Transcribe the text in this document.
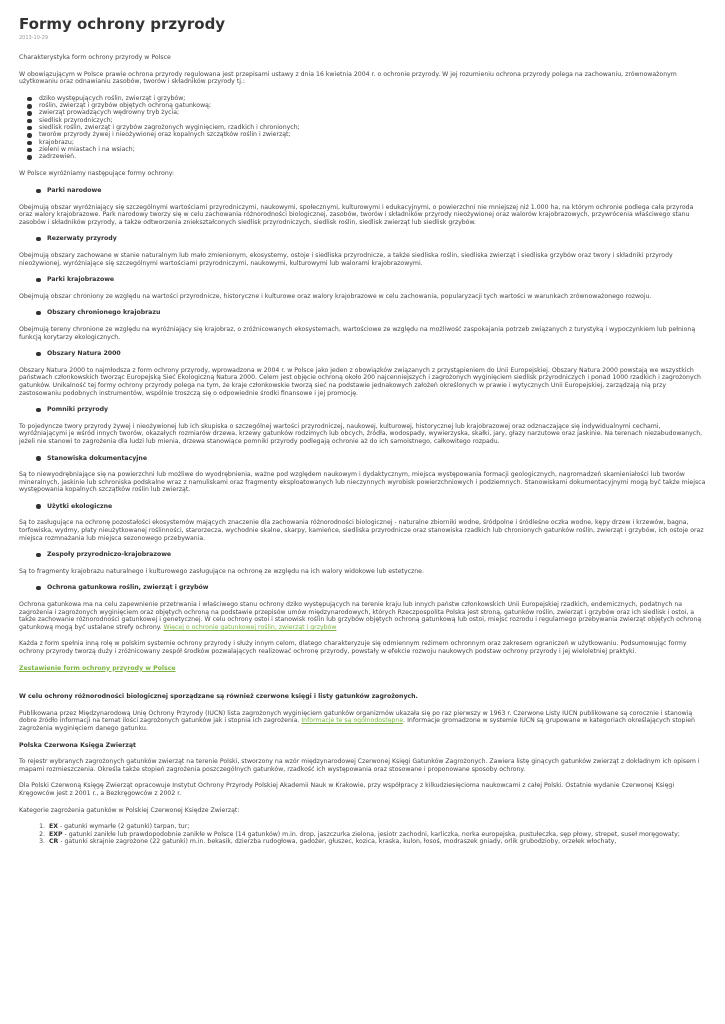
Formy ochrony przyrody
2013-10-29

Charakterystyka form ochrony przyrody w Polsce

W obowiązującym w Polsce prawie ochrona przyrody regulowana jest przepisami ustawy z dnia 16 kwietnia 2004 r. o ochronie przyrody. W jej rozumieniu ochrona przyrody polega na zachowaniu, zrównoważonym użytkowaniu oraz odnawianiu zasobów, tworów i składników przyrody tj.:

dziko występujących roślin, zwierząt i grzybów;
roślin, zwierząt i grzybów objętych ochroną gatunkową;
zwierząt prowadzących wędrowny tryb życia;
siedlisk przyrodniczych;
siedlisk roślin, zwierząt i grzybów zagrożonych wyginięciem, rzadkich i chronionych;
tworów przyrody żywej i nieożywionej oraz kopalnych szczątków roślin i zwierząt;
krajobrazu;
zieleni w miastach i na wsiach;
zadrzewień.

W Polsce wyróżniamy następujące formy ochrony:

Parki narodowe

Obejmują obszar wyróżniający się szczególnymi wartościami przyrodniczymi, naukowymi, społecznymi, kulturowymi i edukacyjnymi, o powierzchni nie mniejszej niż 1.000 ha, na którym ochronie podlega cała przyroda oraz walory krajobrazowe. Park narodowy tworzy się w celu zachowania różnorodności biologicznej, zasobów, tworów i składników przyrody nieożywionej oraz walorów krajobrazowych, przywrócenia właściwego stanu zasobów i składników przyrody, a także odtworzenia zniekształconych siedlisk przyrodniczych, siedlisk roślin, siedlisk zwierząt lub siedlisk grzybów.

Rezerwaty przyrody

Obejmują obszary zachowane w stanie naturalnym lub mało zmienionym, ekosystemy, ostoje i siedliska przyrodnicze, a także siedliska roślin, siedliska zwierząt i siedliska grzybów oraz twory i składniki przyrody nieożywionej, wyróżniające się szczególnymi wartościami przyrodniczymi, naukowymi, kulturowymi lub walorami krajobrazowymi.

Parki krajobrazowe

Obejmują obszar chroniony ze względu na wartości przyrodnicze, historyczne i kulturowe oraz walory krajobrazowe w celu zachowania, popularyzacji tych wartości w warunkach zrównoważonego rozwoju.

Obszary chronionego krajobrazu

Obejmują tereny chronione ze względu na wyróżniający się krajobraz, o zróżnicowanych ekosystemach, wartościowe ze względu na możliwość zaspokajania potrzeb związanych z turystyką i wypoczynkiem lub pełnioną funkcją korytarzy ekologicznych.

Obszary Natura 2000

Obszary Natura 2000 to najmłodsza z form ochrony przyrody, wprowadzona w 2004 r. w Polsce jako jeden z obowiązków związanych z przystąpieniem do Unii Europejskiej. Obszary Natura 2000 powstają we wszystkich państwach członkowskich tworząc Europejską Sieć Ekologiczną Natura 2000. Celem jest objęcie ochroną około 200 najcenniejszych i zagrożonych wyginięciem siedlisk przyrodniczych i ponad 1000 rzadkich i zagrożonych gatunków. Unikalność tej formy ochrony przyrody polega na tym, że kraje członkowskie tworzą sieć na podstawie jednakowych założeń określonych w prawie i wytycznych Unii Europejskiej, zarządzają nią przy zastosowaniu podobnych instrumentów, wspólnie troszczą się o odpowiednie środki finansowe i jej promocję.

Pomniki przyrody

To pojedyncze twory przyrody żywej i nieożywionej lub ich skupiska o szczególnej wartości przyrodniczej, naukowej, kulturowej, historycznej lub krajobrazowej oraz odznaczające się indywidualnymi cechami, wyróżniającymi je wśród innych tworów, okazałych rozmiarów drzewa, krzewy gatunków rodzimych lub obcych, źródła, wodospady, wywierzyska, skałki, jary, głazy narzutowe oraz jaskinie. Na terenach niezabudowanych, jeżeli nie stanowi to zagrożenia dla ludzi lub mienia, drzewa stanowiące pomniki przyrody podlegają ochronie aż do ich samoistnego, całkowitego rozpadu.

Stanowiska dokumentacyjne

Są to niewyodrębniające się na powierzchni lub możliwe do wyodrębnienia, ważne pod względem naukowym i dydaktycznym, miejsca występowania formacji geologicznych, nagromadzeń skamieniałości lub tworów mineralnych, jaskinie lub schroniska podskalne wraz z namuliskami oraz fragmenty eksploatowanych lub nieczynnych wyrobisk powierzchniowych i podziemnych. Stanowiskami dokumentacyjnymi mogą być także miejsca występowania kopalnych szczątków roślin lub zwierząt.

Użytki ekologiczne

Są to zasługujące na ochronę pozostałości ekosystemów mających znaczenie dla zachowania różnorodności biologicznej - naturalne zbiorniki wodne, śródpolne i śródleśne oczka wodne, kępy drzew i krzewów, bagna, torfowiska, wydmy, płaty nieużytkowanej roślinności, starorzecza, wychodnie skalne, skarpy, kamieńce, siedliska przyrodnicze oraz stanowiska rzadkich lub chronionych gatunków roślin, zwierząt i grzybów, ich ostoje oraz miejsca rozmnażania lub miejsca sezonowego przebywania.

Zespoły przyrodniczo-krajobrazowe

Są to fragmenty krajobrazu naturalnego i kulturowego zasługujące na ochronę ze względu na ich walory widokowe lub estetyczne.

Ochrona gatunkowa roślin, zwierząt i grzybów

Ochrona gatunkowa ma na celu zapewnienie przetrwania i właściwego stanu ochrony dziko występujących na terenie kraju lub innych państw członkowskich Unii Europejskiej rzadkich, endemicznych, podatnych na zagrożenia i zagrożonych wyginięciem oraz objętych ochroną na podstawie przepisów umów międzynarodowych, których Rzeczpospolita Polska jest stroną, gatunków roślin, zwierząt i grzybów oraz ich siedlisk i ostoi, a także zachowanie różnorodności gatunkowej i genetycznej. W celu ochrony ostoi i stanowisk roślin lub grzybów objętych ochroną gatunkową lub ostoi, miejsc rozrodu i regularnego przebywania zwierząt objętych ochroną gatunkową mogą być ustalane strefy ochrony. Więcej o ochronie gatunkowej roślin, zwierząt i grzybów

Każda z form spełnia inną rolę w polskim systemie ochrony przyrody i służy innym celom, dlatego charakteryzuje się odmiennym reżimem ochronnym oraz zakresem ograniczeń w użytkowaniu. Podsumowując formy ochrony przyrody tworzą duży i zróżnicowany zespół środków pozwalających realizować ochronę przyrody, powstały w efekcie rozwoju naukowych podstaw ochrony przyrody i jej wieloletniej praktyki.

Zestawienie form ochrony przyrody w Polsce

W celu ochrony różnorodności biologicznej sporządzane są również czerwone księgi i listy gatunków zagrożonych.

Publikowana przez Międzynarodową Unię Ochrony Przyrody (IUCN) lista zagrożonych wyginięciem gatunków organizmów ukazała się po raz pierwszy w 1963 r. Czerwone Listy IUCN publikowane są corocznie i stanowią dobre źródło informacji na temat ilości zagrożonych gatunków jak i stopnia ich zagrożenia. Informacje te są ogólnodostępne. Informacje gromadzone w systemie IUCN są grupowane w kategoriach określających stopień zagrożenia wyginięciem danego gatunku.

Polska Czerwona Księga Zwierząt

To rejestr wybranych zagrożonych gatunków zwierząt na terenie Polski, stworzony na wzór międzynarodowej Czerwonej Księgi Gatunków Zagrożonych. Zawiera listę ginących gatunków zwierząt z dokładnym ich opisem i mapami rozmieszczenia. Określa także stopień zagrożenia poszczególnych gatunków, rzadkość ich występowania oraz stosowane i proponowane sposoby ochrony.

Dla Polski Czerwoną Księgę Zwierząt opracowuje Instytut Ochrony Przyrody Polskiej Akademii Nauk w Krakowie, przy współpracy z kilkudziesięcioma naukowcami z całej Polski. Ostatnie wydanie Czerwonej Księgi Kręgowców jest z 2001 r., a Bezkręgowców z 2002 r.

Kategorie zagrożenia gatunków w Polskiej Czerwonej Księdze Zwierząt:

1. EX - gatunki wymarłe (2 gatunki) tarpan, tur;
2. EXP - gatunki zanikłe lub prawdopodobnie zanikłe w Polsce (14 gatunków) m.in. drop, jaszczurka zielona, jesiotr zachodni, karliczka, norka europejska, pustułeczka, sęp płowy, strepet, suseł moręgowaty;
3. CR - gatunki skrajnie zagrożone (22 gatunki) m.in. bekasik, dzierzba rudogłowa, gadożer, głuszec, kozica, kraska, kulon, łosoś, modraszek gniady, orlik grubodzioby, orzełek włochaty,
